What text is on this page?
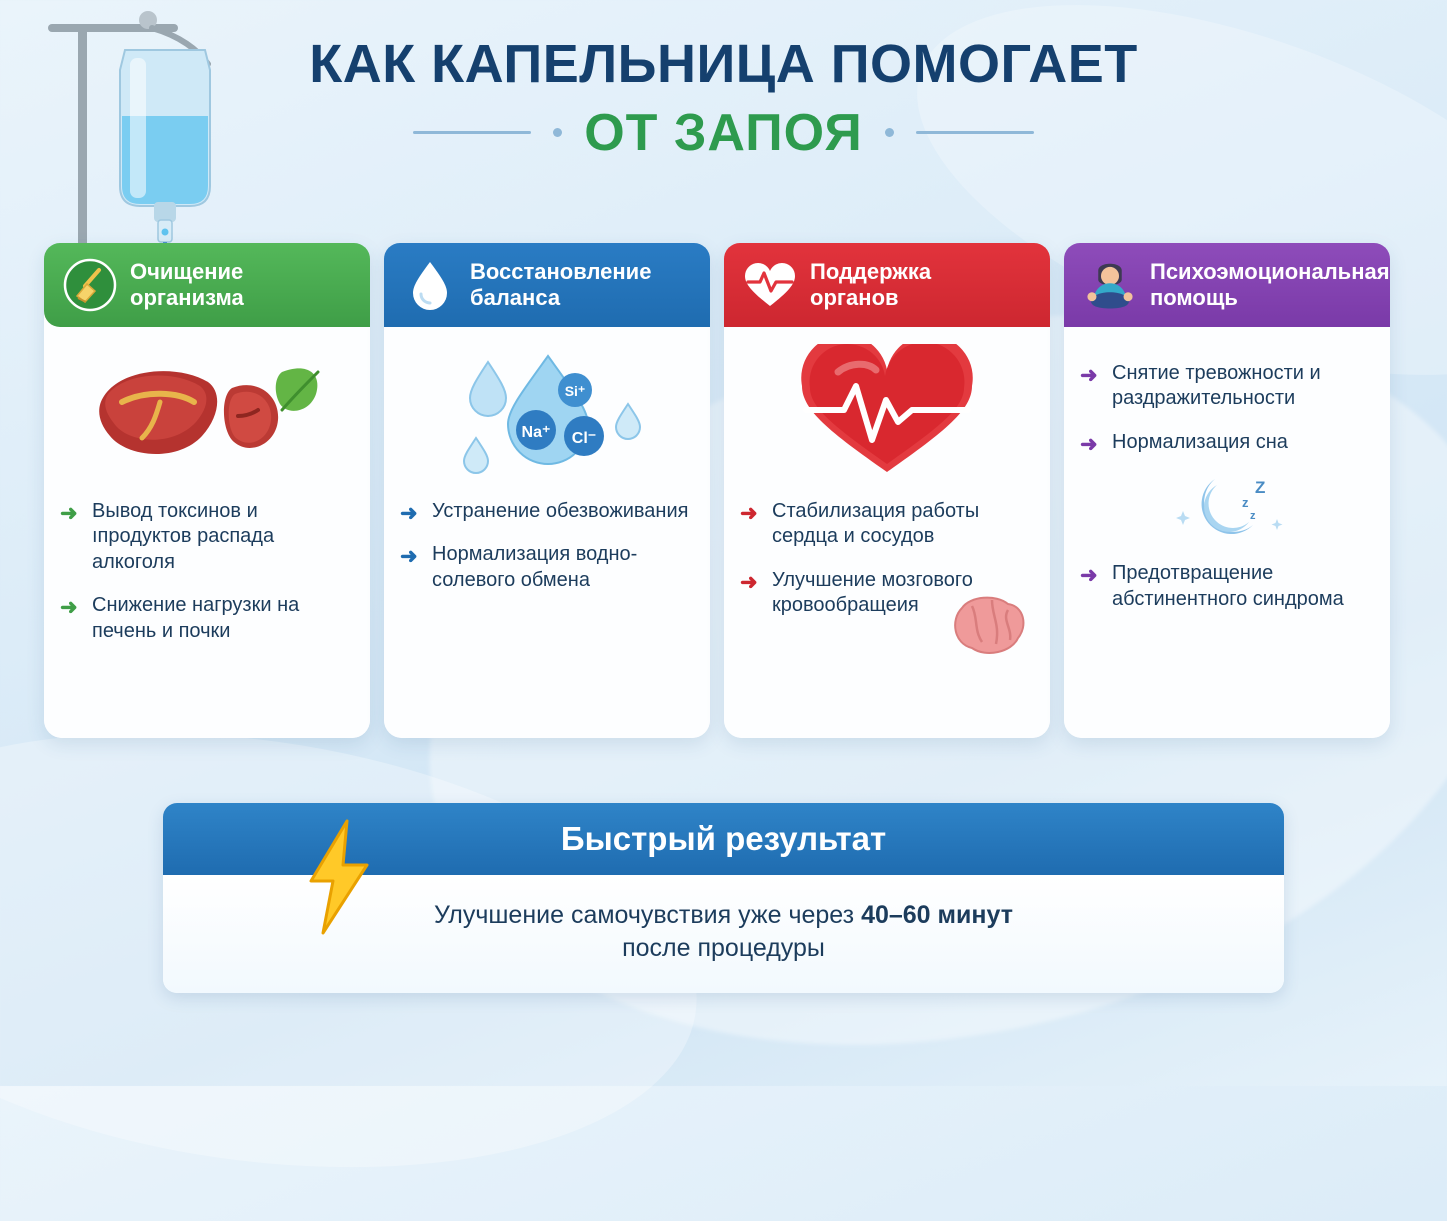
КАК КАПЕЛЬНИЦА ПОМОГАЕТ
ОТ ЗАПОЯ
Очищение
организма
➜ Вывод токсинов и ıпродуктов распада алкоголя
➜ Снижение нагрузки на печень и почки
Восстановление
баланса
Si⁺
Na⁺ Cl⁻
➜ Устранение обезвоживания
➜ Нормализация водно-солевого обмена
Поддержка
органов
➜ Стабилизация работы сердца и сосудов
➜ Улучшение мозгового кровообращеия
Психоэмоциональная
помощь
➜ Снятие тревожности и раздражительности
➜ Нормализация сна
Z
z
z
➜ Предотвращение абстинентного синдрома
Быстрый результат
Улучшение самочувствия уже через 40–60 минут
после процедуры
